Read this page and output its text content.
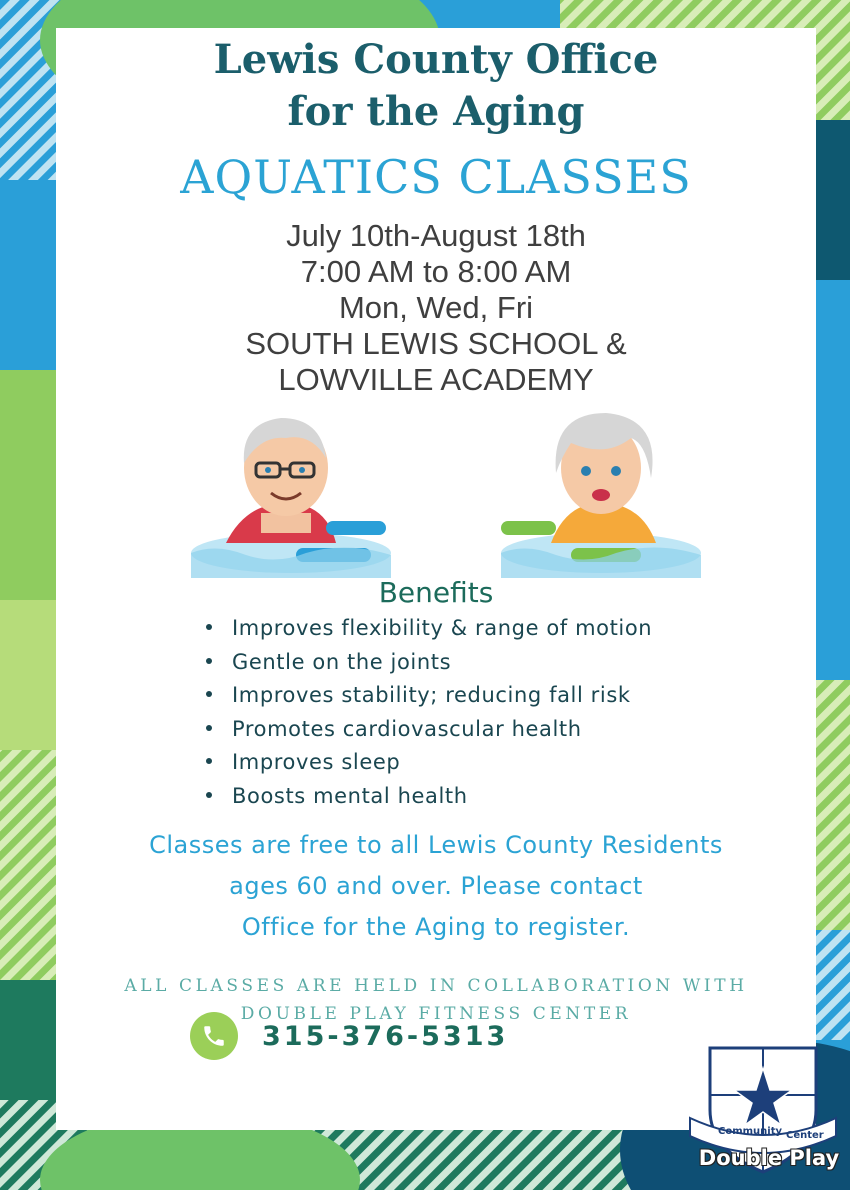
Lewis County Office
for the Aging
AQUATICS CLASSES
July 10th-August 18th
7:00 AM to 8:00 AM
Mon, Wed, Fri
SOUTH LEWIS SCHOOL &
LOWVILLE ACADEMY
Benefits
Improves flexibility & range of motion
Gentle on the joints
Improves stability; reducing fall risk
Promotes cardiovascular health
Improves sleep
Boosts mental health
Classes are free to all Lewis County Residents
ages 60 and over. Please contact
Office for the Aging to register.
ALL CLASSES ARE HELD IN COLLABORATION WITH
DOUBLE PLAY FITNESS CENTER
315-376-5313
Community Center
Double Play
